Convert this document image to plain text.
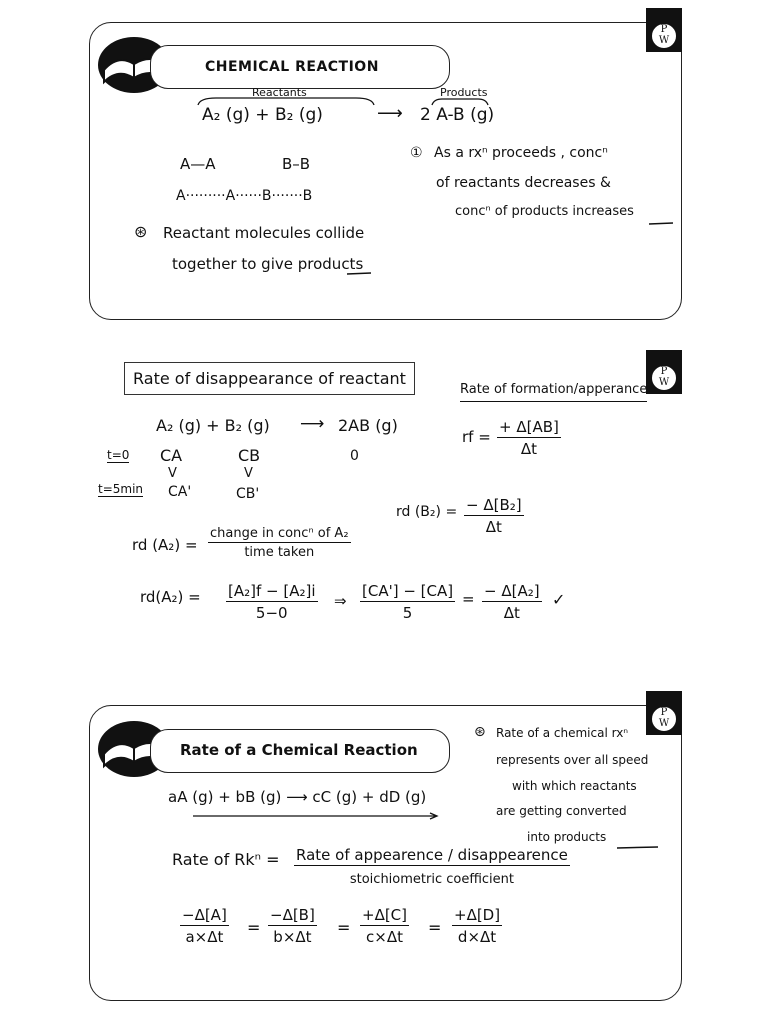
P
W
CHEMICAL REACTION
Reactants	Products
A₂ (g) + B₂ (g)	⟶ 2 A-B (g)
A—A	B–B
A·········A······B·······B
⊛ Reactant molecules collide
together to give products
① As a rxⁿ proceeds , concⁿ
of reactants decreases &
concⁿ of products increases
P
W
Rate of disappearance of reactant
Rate of formation/apperance
A₂ (g) + B₂ (g) ⟶ 2AB (g)
t=0 CA	CB	0
V	V
t=5min CA'	CB'
rf = $\frac{+ \Delta[AB]}{\Delta t}$
rd $(B_2) = \frac{\text{− Δ[B₂]}}{\Delta t}$
rd (A₂) =
change in concⁿ of A₂
time taken
$rd(A_2) = \frac{\text{[A₂]f − [A₂]i}}{5-0}$ ⇒ $\frac{[CA'] - [CA]}{5} = \frac{\text{− Δ[A₂]}}{\Delta t}$ ✓
P
W
Rate of a Chemical Reaction
aA (g) + bB (g) ⟶ cC (g) + dD (g)
⊛ Rate of a chemical rxⁿ
represents over all speed
with which reactants
are getting converted
into products
Rate of Rkⁿ = Rate of appearence / disappearence
stoichiometric coefficient
$\frac{-\Delta[A]}{a\times\Delta t} = \frac{-\Delta[B]}{b\times\Delta t} = \frac{+\Delta[C]}{c\times\Delta t} = \frac{+\Delta[D]}{d\times\Delta t}$
